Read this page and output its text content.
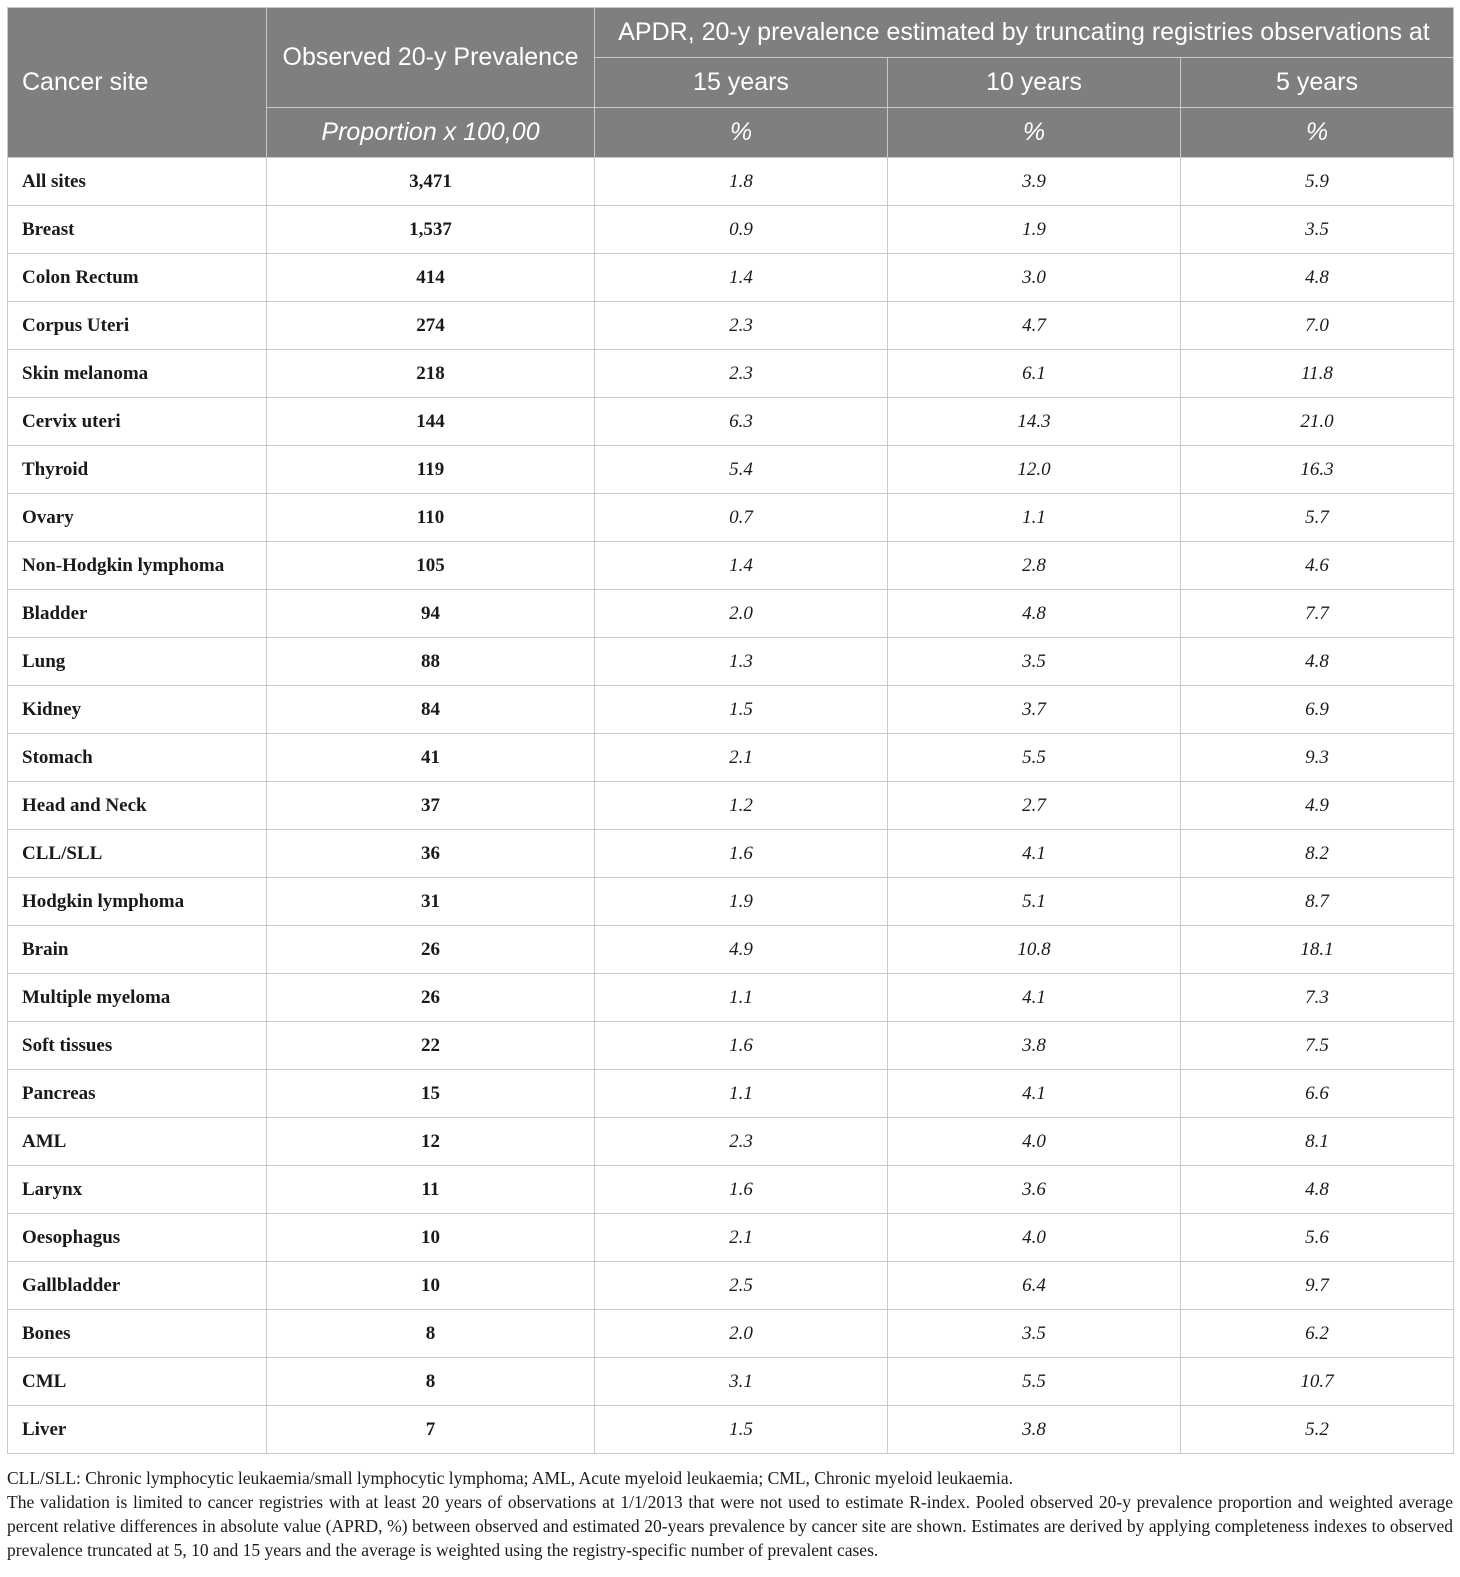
Cancer site	Observed 20-y Prevalence	APDR, 20-y prevalence estimated by truncating registries observations at		
		15 years	10 years	5 years
	Proportion x 100,00	%	%	%
All sites	3,471	1.8	3.9	5.9
Breast	1,537	0.9	1.9	3.5
Colon Rectum	414	1.4	3.0	4.8
Corpus Uteri	274	2.3	4.7	7.0
Skin melanoma	218	2.3	6.1	11.8
Cervix uteri	144	6.3	14.3	21.0
Thyroid	119	5.4	12.0	16.3
Ovary	110	0.7	1.1	5.7
Non-Hodgkin lymphoma	105	1.4	2.8	4.6
Bladder	94	2.0	4.8	7.7
Lung	88	1.3	3.5	4.8
Kidney	84	1.5	3.7	6.9
Stomach	41	2.1	5.5	9.3
Head and Neck	37	1.2	2.7	4.9
CLL/SLL	36	1.6	4.1	8.2
Hodgkin lymphoma	31	1.9	5.1	8.7
Brain	26	4.9	10.8	18.1
Multiple myeloma	26	1.1	4.1	7.3
Soft tissues	22	1.6	3.8	7.5
Pancreas	15	1.1	4.1	6.6
AML	12	2.3	4.0	8.1
Larynx	11	1.6	3.6	4.8
Oesophagus	10	2.1	4.0	5.6
Gallbladder	10	2.5	6.4	9.7
Bones	8	2.0	3.5	6.2
CML	8	3.1	5.5	10.7
Liver	7	1.5	3.8	5.2

CLL/SLL: Chronic lymphocytic leukaemia/small lymphocytic lymphoma; AML, Acute myeloid leukaemia; CML, Chronic myeloid leukaemia.

The validation is limited to cancer registries with at least 20 years of observations at 1/1/2013 that were not used to estimate R-index. Pooled observed 20-y prevalence proportion and weighted average percent relative differences in absolute value (APRD, %) between observed and estimated 20-years prevalence by cancer site are shown. Estimates are derived by applying completeness indexes to observed prevalence truncated at 5, 10 and 15 years and the average is weighted using the registry-specific number of prevalent cases.
